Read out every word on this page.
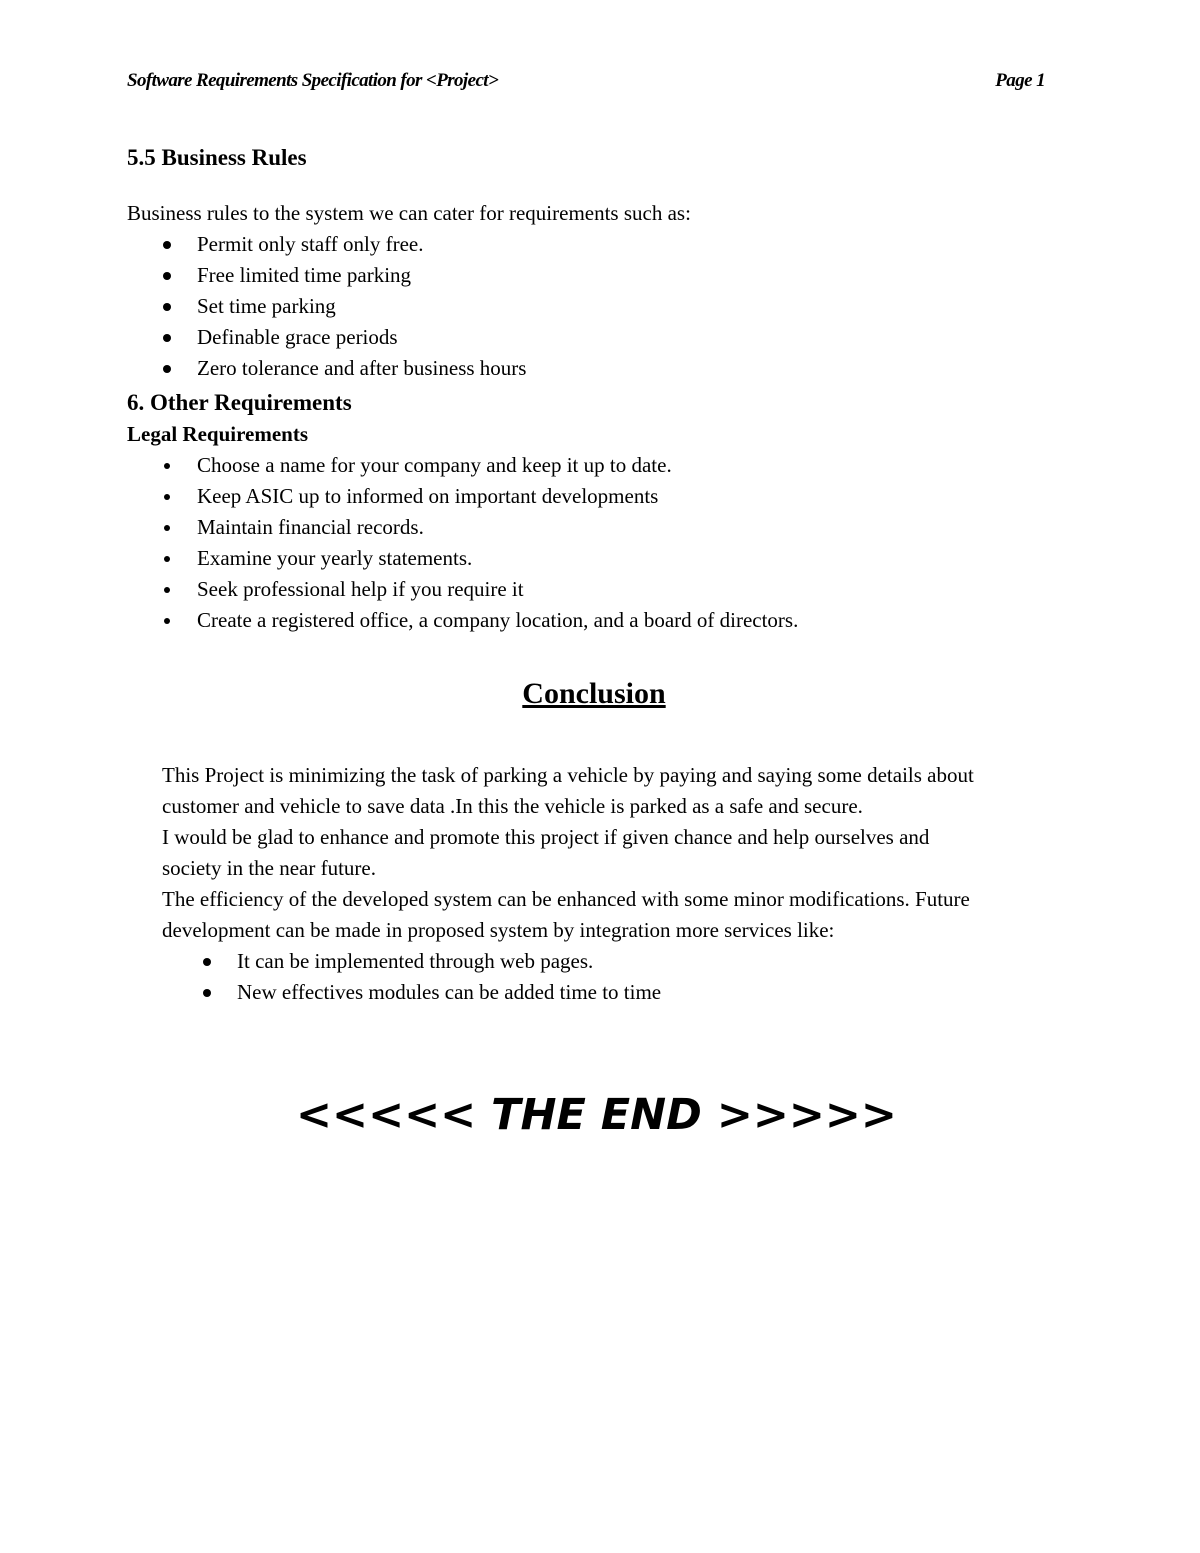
Software Requirements Specification for <Project>	Page 1
5.5 Business Rules

Business rules to the system we can cater for requirements such as:

Permit only staff only free.
Free limited time parking
Set time parking
Definable grace periods
Zero tolerance and after business hours
6. Other Requirements
Legal Requirements
Choose a name for your company and keep it up to date.
Keep ASIC up to informed on important developments
Maintain financial records.
Examine your yearly statements.
Seek professional help if you require it
Create a registered office, a company location, and a board of directors.
Conclusion

This Project is minimizing the task of parking a vehicle by paying and saying some details about

customer and vehicle to save data .In this the vehicle is parked as a safe and secure.

I would be glad to enhance and promote this project if given chance and help ourselves and

society in the near future.

The efficiency of the developed system can be enhanced with some minor modifications. Future

development can be made in proposed system by integration more services like:

It can be implemented through web pages.
New effectives modules can be added time to time
<<<<< THE END >>>>>
